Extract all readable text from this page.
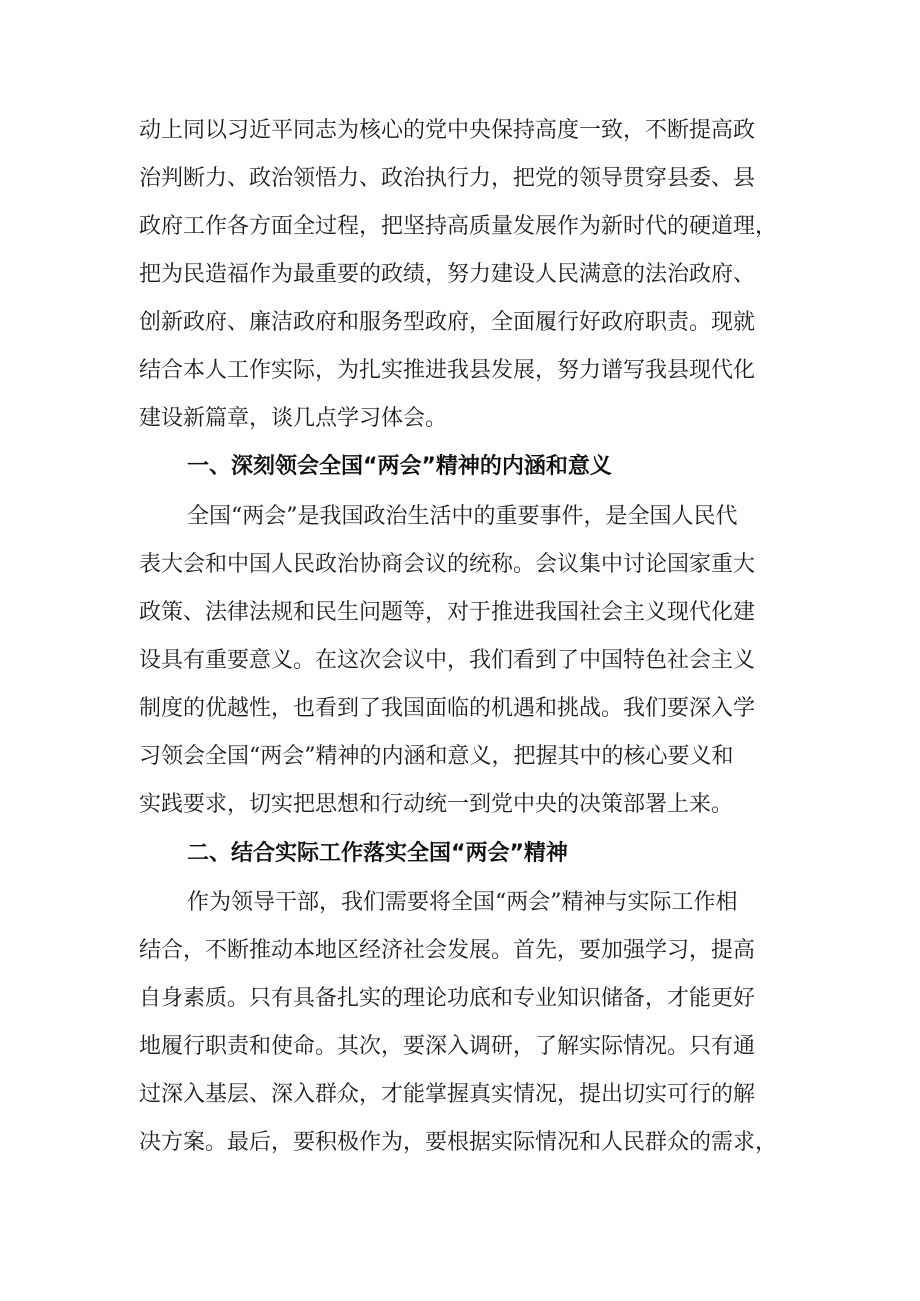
动上同以习近平同志为核心的党中央保持高度一致，不断提高政
治判断力、政治领悟力、政治执行力，把党的领导贯穿县委、县
政府工作各方面全过程，把坚持高质量发展作为新时代的硬道理，
把为民造福作为最重要的政绩，努力建设人民满意的法治政府、
创新政府、廉洁政府和服务型政府，全面履行好政府职责。现就
结合本人工作实际，为扎实推进我县发展，努力谱写我县现代化
建设新篇章，谈几点学习体会。
一、深刻领会全国“两会”精神的内涵和意义
全国“两会”是我国政治生活中的重要事件，是全国人民代
表大会和中国人民政治协商会议的统称。会议集中讨论国家重大
政策、法律法规和民生问题等，对于推进我国社会主义现代化建
设具有重要意义。在这次会议中，我们看到了中国特色社会主义
制度的优越性，也看到了我国面临的机遇和挑战。我们要深入学
习领会全国“两会”精神的内涵和意义，把握其中的核心要义和
实践要求，切实把思想和行动统一到党中央的决策部署上来。
二、结合实际工作落实全国“两会”精神
作为领导干部，我们需要将全国“两会”精神与实际工作相
结合，不断推动本地区经济社会发展。首先，要加强学习，提高
自身素质。只有具备扎实的理论功底和专业知识储备，才能更好
地履行职责和使命。其次，要深入调研，了解实际情况。只有通
过深入基层、深入群众，才能掌握真实情况，提出切实可行的解
决方案。最后，要积极作为，要根据实际情况和人民群众的需求，
